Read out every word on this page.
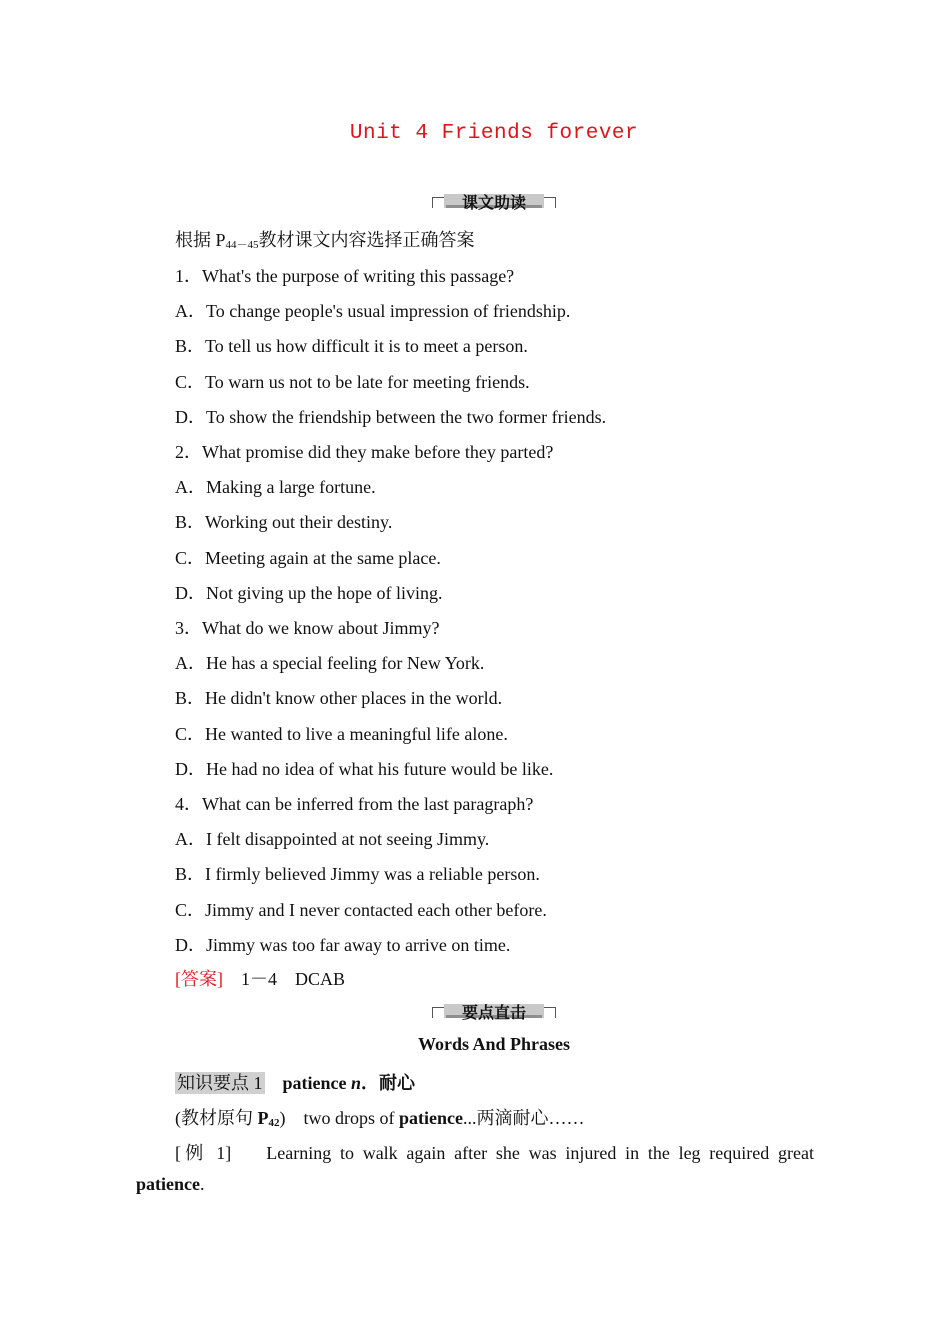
Unit 4 Friends forever
课文助读
根据 P44－45教材课文内容选择正确答案
1．What's the purpose of writing this passage?
A．To change people's usual impression of friendship.
B．To tell us how difficult it is to meet a person.
C．To warn us not to be late for meeting friends.
D．To show the friendship between the two former friends.
2．What promise did they make before they parted?
A．Making a large fortune.
B．Working out their destiny.
C．Meeting again at the same place.
D．Not giving up the hope of living.
3．What do we know about Jimmy?
A．He has a special feeling for New York.
B．He didn't know other places in the world.
C．He wanted to live a meaningful life alone.
D．He had no idea of what his future would be like.
4．What can be inferred from the last paragraph?
A．I felt disappointed at not seeing Jimmy.
B．I firmly believed Jimmy was a reliable person.
C．Jimmy and I never contacted each other before.
D．Jimmy was too far away to arrive on time.
[答案]　 1－4　DCAB
要点直击
Words And Phrases
知识要点 1　 patience n．耐心
(教材原句 P42)　 two drops of patience...两滴耐心……
[例 1] Learning to walk again after she was injured in the leg required great
patience.
